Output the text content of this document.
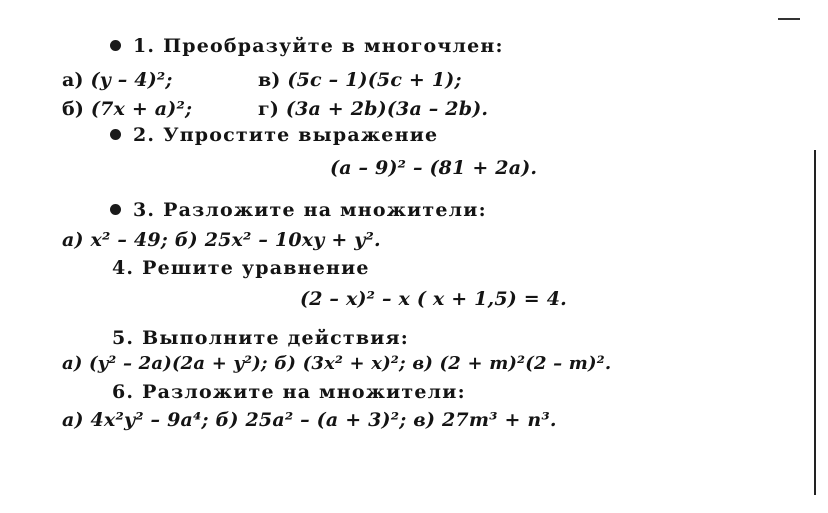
1. Преобразуйте в многочлен:
а) (y – 4)²;	в) (5c – 1)(5c + 1);
б) (7x + a)²;	г) (3a + 2b)(3a – 2b).
2. Упростите выражение
(a – 9)² – (81 + 2a).
3. Разложите на множители:
а) x² – 49; б) 25x² – 10xy + y².
4. Решите уравнение
(2 – x)² – x ( x + 1,5) = 4.
5. Выполните действия:
а) (y² – 2a)(2a + y²); б) (3x² + x)²; в) (2 + m)²(2 – m)².
6. Разложите на множители:
а) 4x²y² – 9a⁴; б) 25a² – (a + 3)²; в) 27m³ + n³.
